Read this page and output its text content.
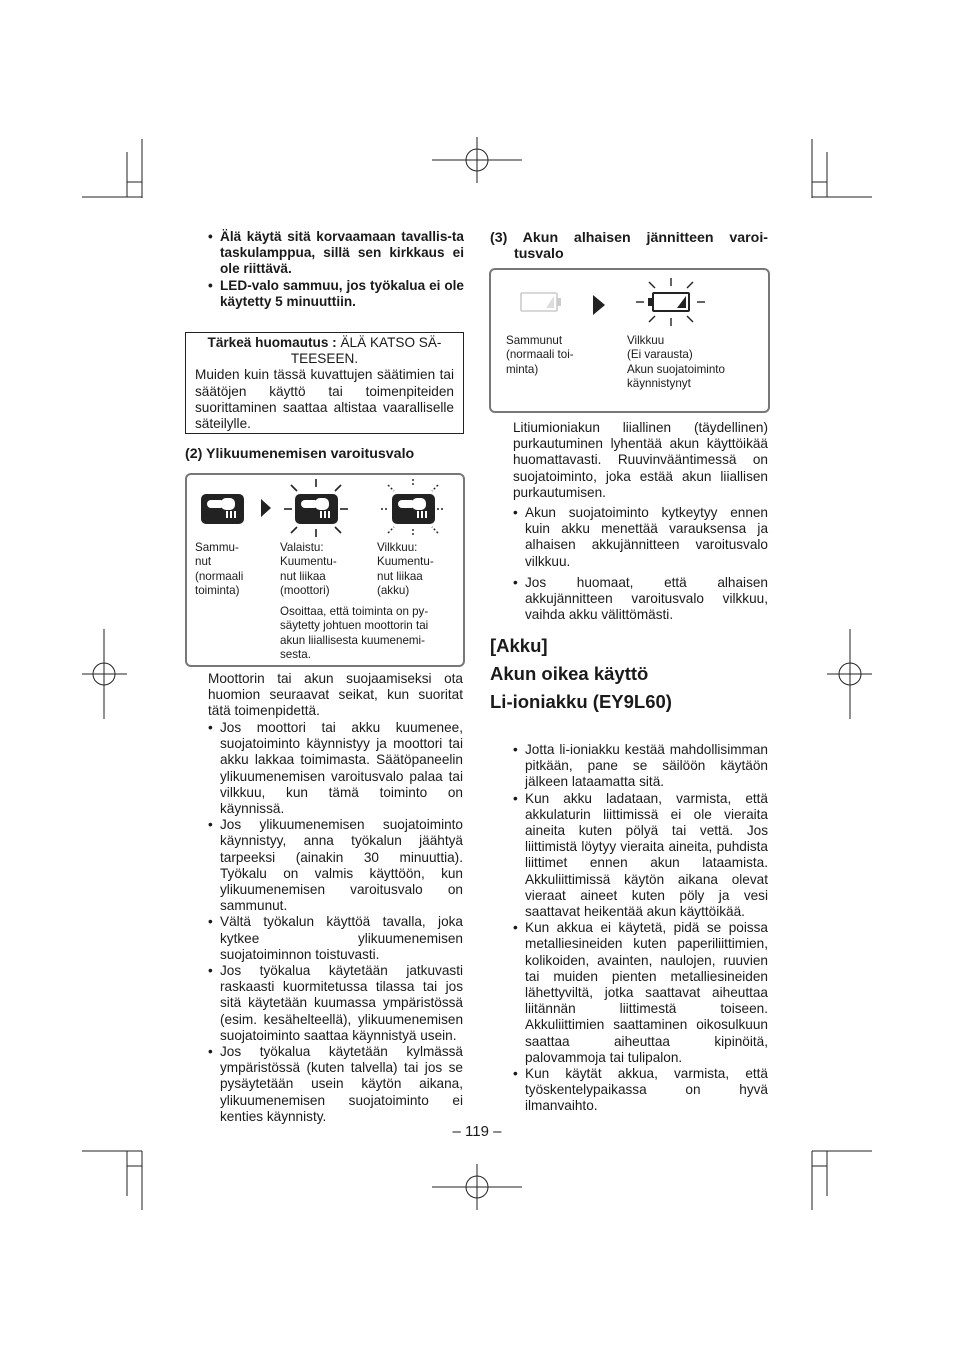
• Älä käytä sitä korvaamaan tavallis-ta taskulamppua, sillä sen kirkkaus ei ole riittävä.
• LED-valo sammuu, jos työkalua ei ole käytetty 5 minuuttiin.
Tärkeä huomautus : ÄLÄ KATSO SÄ-
TEESEEN.
Muiden kuin tässä kuvattujen säätimien tai säätöjen käyttö tai toimenpiteiden suorittaminen saattaa altistaa vaaralliselle säteilylle.
(2) Ylikuumenemisen varoitusvalo
Sammu-
nut
(normaali
toiminta)
Valaistu:
Kuumentu-
nut liikaa
(moottori)
Vilkkuu:
Kuumentu-
nut liikaa
(akku)
Osoittaa, että toiminta on py-
säytetty johtuen moottorin tai
akun liiallisesta kuumenemi-
sesta.
Moottorin tai akun suojaamiseksi ota huomion seuraavat seikat, kun suoritat tätä toimenpidettä.
• Jos moottori tai akku kuumenee, suojatoiminto käynnistyy ja moottori tai akku lakkaa toimimasta. Säätöpaneelin ylikuumenemisen varoitusvalo palaa tai vilkkuu, kun tämä toiminto on käynnissä.
• Jos ylikuumenemisen suojatoiminto käynnistyy, anna työkalun jäähtyä tarpeeksi (ainakin 30 minuuttia). Työkalu on valmis käyttöön, kun ylikuumenemisen varoitusvalo on sammunut.
• Vältä työkalun käyttöä tavalla, joka kytkee ylikuumenemisen suojatoiminnon toistuvasti.
• Jos työkalua käytetään jatkuvasti raskaasti kuormitetussa tilassa tai jos sitä käytetään kuumassa ympäristössä (esim. kesähelteellä), ylikuumenemisen suojatoiminto saattaa käynnistyä usein.
• Jos työkalua käytetään kylmässä ympäristössä (kuten talvella) tai jos se pysäytetään usein käytön aikana, ylikuumenemisen suojatoiminto ei kenties käynnisty.
(3) Akun alhaisen jännitteen varoi-
tusvalo
Sammunut
(normaali toi-
minta)
Vilkkuu
(Ei varausta)
Akun suojatoiminto
käynnistynyt
Litiumioniakun liiallinen (täydellinen) purkautuminen lyhentää akun käyttöikää huomattavasti. Ruuvinvääntimessä on suojatoiminto, joka estää akun liiallisen purkautumisen.
• Akun suojatoiminto kytkeytyy ennen kuin akku menettää varauksensa ja alhaisen akkujännitteen varoitusvalo vilkkuu.
• Jos huomaat, että alhaisen akkujännitteen varoitusvalo vilkkuu, vaihda akku välittömästi.
[Akku]
Akun oikea käyttö
Li-ioniakku (EY9L60)
• Jotta li-ioniakku kestää mahdollisimman pitkään, pane se säilöön käytäön jälkeen lataamatta sitä.
• Kun akku ladataan, varmista, että akkulaturin liittimissä ei ole vieraita aineita kuten pölyä tai vettä. Jos liittimistä löytyy vieraita aineita, puhdista liittimet ennen akun lataamista. Akkuliittimissä käytön aikana olevat vieraat aineet kuten pöly ja vesi saattavat heikentää akun käyttöikää.
• Kun akkua ei käytetä, pidä se poissa metalliesineiden kuten paperiliittimien, kolikoiden, avainten, naulojen, ruuvien tai muiden pienten metalliesineiden lähettyviltä, jotka saattavat aiheuttaa liitännän liittimestä toiseen. Akkuliittimien saattaminen oikosulkuun saattaa aiheuttaa kipinöitä, palovammoja tai tulipalon.
• Kun käytät akkua, varmista, että työskentelypaikassa on hyvä ilmanvaihto.
– 119 –
